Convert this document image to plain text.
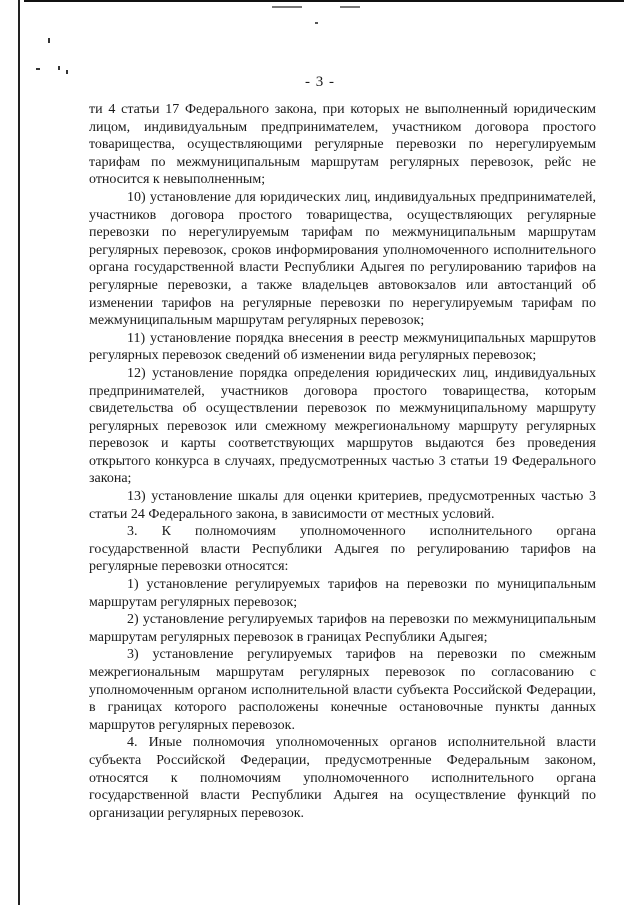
- 3 -

ти 4 статьи 17 Федерального закона, при которых не выполненный юридическим лицом, индивидуальным предпринимателем, участником договора простого товарищества, осуществляющими регулярные перевозки по нерегулируемым тарифам по межмуниципальным маршрутам регулярных перевозок, рейс не относится к невыполненным;

10) установление для юридических лиц, индивидуальных предпринимателей, участников договора простого товарищества, осуществляющих регулярные перевозки по нерегулируемым тарифам по межмуниципальным маршрутам регулярных перевозок, сроков информирования уполномоченного исполнительного органа государственной власти Республики Адыгея по регулированию тарифов на регулярные перевозки, а также владельцев автовокзалов или автостанций об изменении тарифов на регулярные перевозки по нерегулируемым тарифам по межмуниципальным маршрутам регулярных перевозок;

11) установление порядка внесения в реестр межмуниципальных маршрутов регулярных перевозок сведений об изменении вида регулярных перевозок;

12) установление порядка определения юридических лиц, индивидуальных предпринимателей, участников договора простого товарищества, которым свидетельства об осуществлении перевозок по межмуниципальному маршруту регулярных перевозок или смежному межрегиональному маршруту регулярных перевозок и карты соответствующих маршрутов выдаются без проведения открытого конкурса в случаях, предусмотренных частью 3 статьи 19 Федерального закона;

13) установление шкалы для оценки критериев, предусмотренных частью 3 статьи 24 Федерального закона, в зависимости от местных условий.

3. К полномочиям уполномоченного исполнительного органа государственной власти Республики Адыгея по регулированию тарифов на регулярные перевозки относятся:

1) установление регулируемых тарифов на перевозки по муниципальным маршрутам регулярных перевозок;

2) установление регулируемых тарифов на перевозки по межмуниципальным маршрутам регулярных перевозок в границах Республики Адыгея;

3) установление регулируемых тарифов на перевозки по смежным межрегиональным маршрутам регулярных перевозок по согласованию с уполномоченным органом исполнительной власти субъекта Российской Федерации, в границах которого расположены конечные остановочные пункты данных маршрутов регулярных перевозок.

4. Иные полномочия уполномоченных органов исполнительной власти субъекта Российской Федерации, предусмотренные Федеральным законом, относятся к полномочиям уполномоченного исполнительного органа государственной власти Республики Адыгея на осуществление функций по организации регулярных перевозок.
